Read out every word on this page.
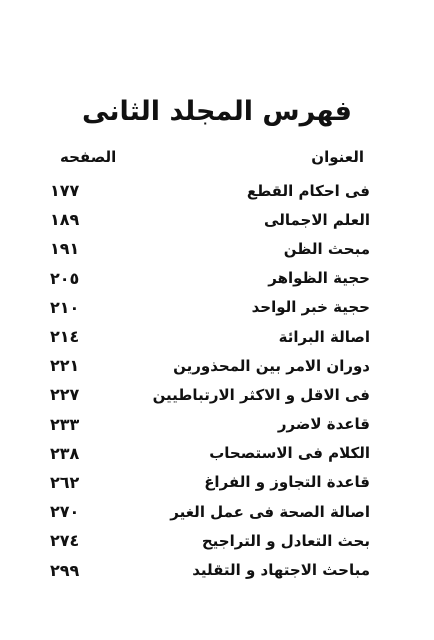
فهرس المجلد الثانى
العنوان
الصفحه
فى احكام القطع
١٧٧
العلم الاجمالى
١٨٩
مبحث الظن
١٩١
حجية الظواهر
٢٠٥
حجية خبر الواحد
٢١٠
اصالة البرائة
٢١٤
دوران الامر بين المحذورين
٢٢١
فى الاقل و الاكثر الارتباطيين
٢٢٧
قاعدة لاضرر
٢٣٣
الكلام فى الاستصحاب
٢٣٨
قاعدة التجاوز و الفراغ
٢٦٢
اصالة الصحة فى عمل الغير
٢٧٠
بحث التعادل و التراجيح
٢٧٤
مباحث الاجتهاد و التقليد
٢٩٩
